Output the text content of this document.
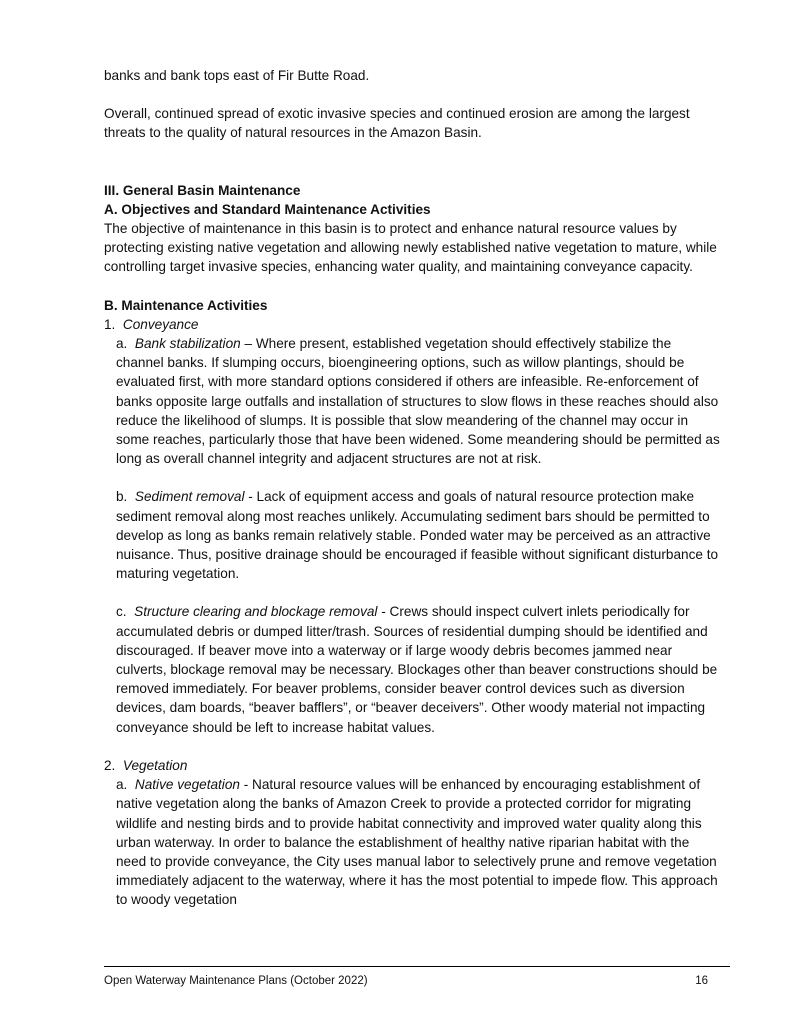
banks and bank tops east of Fir Butte Road.

Overall, continued spread of exotic invasive species and continued erosion are among the largest threats to the quality of natural resources in the Amazon Basin.

III. General Basin Maintenance

A. Objectives and Standard Maintenance Activities

The objective of maintenance in this basin is to protect and enhance natural resource values by protecting existing native vegetation and allowing newly established native vegetation to mature, while controlling target invasive species, enhancing water quality, and maintaining conveyance capacity.

B. Maintenance Activities

1. Conveyance

a. Bank stabilization – Where present, established vegetation should effectively stabilize the channel banks. If slumping occurs, bioengineering options, such as willow plantings, should be evaluated first, with more standard options considered if others are infeasible. Re-enforcement of banks opposite large outfalls and installation of structures to slow flows in these reaches should also reduce the likelihood of slumps. It is possible that slow meandering of the channel may occur in some reaches, particularly those that have been widened. Some meandering should be permitted as long as overall channel integrity and adjacent structures are not at risk.

b. Sediment removal - Lack of equipment access and goals of natural resource protection make sediment removal along most reaches unlikely. Accumulating sediment bars should be permitted to develop as long as banks remain relatively stable. Ponded water may be perceived as an attractive nuisance. Thus, positive drainage should be encouraged if feasible without significant disturbance to maturing vegetation.

c. Structure clearing and blockage removal - Crews should inspect culvert inlets periodically for accumulated debris or dumped litter/trash. Sources of residential dumping should be identified and discouraged. If beaver move into a waterway or if large woody debris becomes jammed near culverts, blockage removal may be necessary. Blockages other than beaver constructions should be removed immediately. For beaver problems, consider beaver control devices such as diversion devices, dam boards, “beaver bafflers”, or “beaver deceivers”. Other woody material not impacting conveyance should be left to increase habitat values.

2. Vegetation

a. Native vegetation - Natural resource values will be enhanced by encouraging establishment of native vegetation along the banks of Amazon Creek to provide a protected corridor for migrating wildlife and nesting birds and to provide habitat connectivity and improved water quality along this urban waterway. In order to balance the establishment of healthy native riparian habitat with the need to provide conveyance, the City uses manual labor to selectively prune and remove vegetation immediately adjacent to the waterway, where it has the most potential to impede flow. This approach to woody vegetation

Open Waterway Maintenance Plans (October 2022)	16
